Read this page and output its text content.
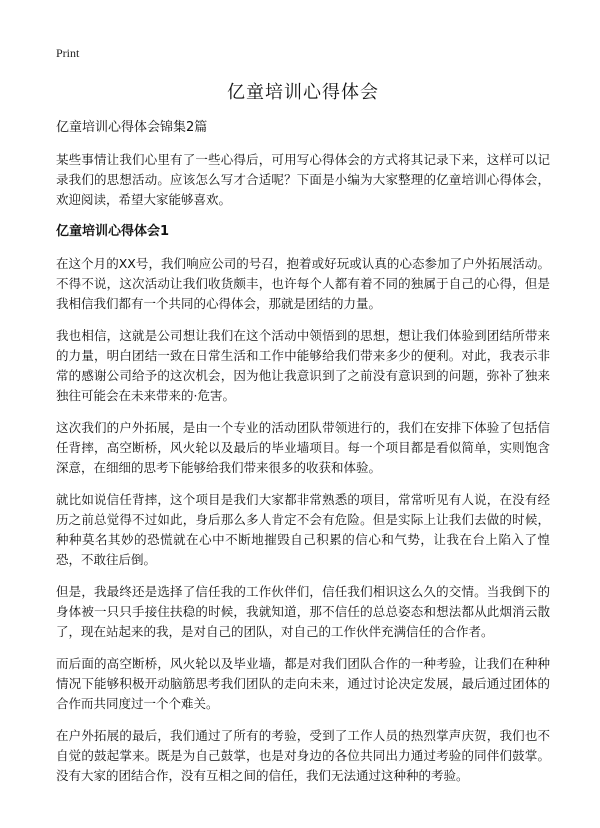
Print
亿童培训心得体会
亿童培训心得体会锦集2篇

某些事情让我们心里有了一些心得后，可用写心得体会的方式将其记录下来，这样可以记录我们的思想活动。应该怎么写才合适呢？下面是小编为大家整理的亿童培训心得体会，欢迎阅读，希望大家能够喜欢。

亿童培训心得体会1

在这个月的XX号，我们响应公司的号召，抱着或好玩或认真的心态参加了户外拓展活动。不得不说，这次活动让我们收货颇丰，也许每个人都有着不同的独属于自己的心得，但是我相信我们都有一个共同的心得体会，那就是团结的力量。

我也相信，这就是公司想让我们在这个活动中领悟到的思想，想让我们体验到团结所带来的力量，明白团结一致在日常生活和工作中能够给我们带来多少的便利。对此，我表示非常的感谢公司给予的这次机会，因为他让我意识到了之前没有意识到的问题，弥补了独来独往可能会在未来带来的·危害。

这次我们的户外拓展，是由一个专业的活动团队带领进行的，我们在安排下体验了包括信任背摔，高空断桥，风火轮以及最后的毕业墙项目。每一个项目都是看似简单，实则饱含深意，在细细的思考下能够给我们带来很多的收获和体验。

就比如说信任背摔，这个项目是我们大家都非常熟悉的项目，常常听见有人说，在没有经历之前总觉得不过如此，身后那么多人肯定不会有危险。但是实际上让我们去做的时候，种种莫名其妙的恐慌就在心中不断地摧毁自己积累的信心和气势，让我在台上陷入了惶恐，不敢往后倒。

但是，我最终还是选择了信任我的工作伙伴们，信任我们相识这么久的交情。当我倒下的身体被一只只手接住扶稳的时候，我就知道，那不信任的总总姿态和想法都从此烟消云散了，现在站起来的我，是对自己的团队，对自己的工作伙伴充满信任的合作者。

而后面的高空断桥，风火轮以及毕业墙，都是对我们团队合作的一种考验，让我们在种种情况下能够积极开动脑筋思考我们团队的走向未来，通过讨论决定发展，最后通过团体的合作而共同度过一个个难关。

在户外拓展的最后，我们通过了所有的考验，受到了工作人员的热烈掌声庆贺，我们也不自觉的鼓起掌来。既是为自己鼓掌，也是对身边的各位共同出力通过考验的同伴们鼓掌。没有大家的团结合作，没有互相之间的信任，我们无法通过这种种的考验。
